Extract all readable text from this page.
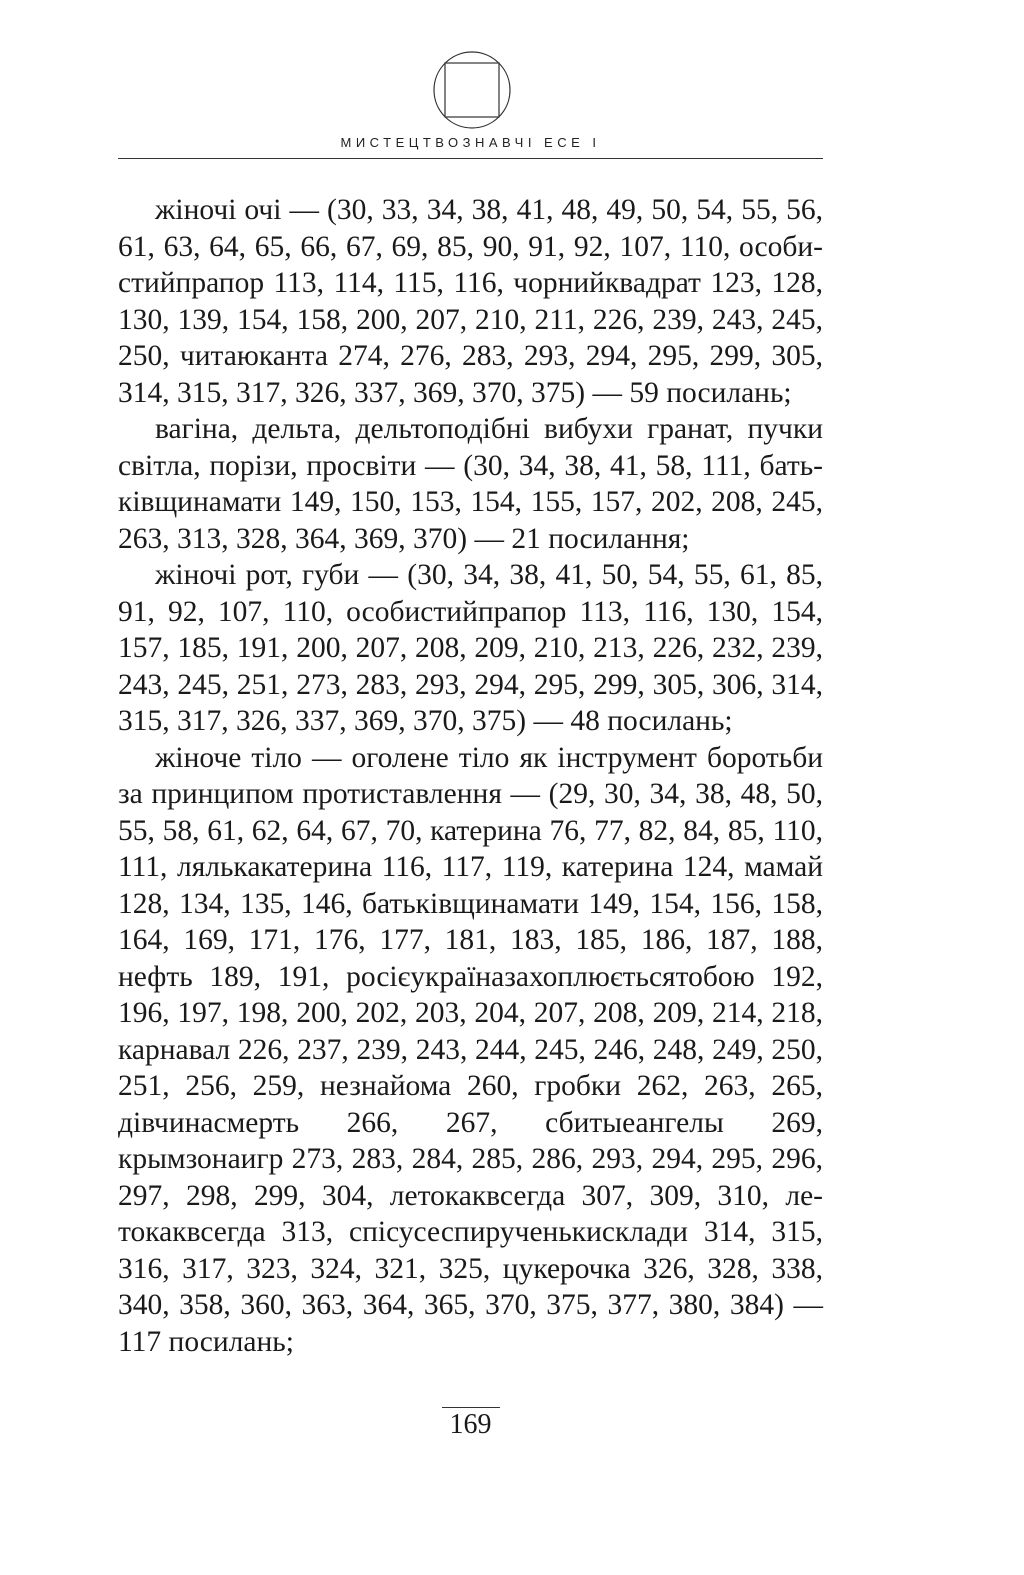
МИСТЕЦТВОЗНАВЧІ ЕСЕ І

жіночі очі — (30, 33, 34, 38, 41, 48, 49, 50, 54, 55, 56, 61, 63, 64, 65, 66, 67, 69, 85, 90, 91, 92, 107, 110, особистийпрапор 113, 114, 115, 116, чорнийквадрат 123, 128, 130, 139, 154, 158, 200, 207, 210, 211, 226, 239, 243, 245, 250, читаюканта 274, 276, 283, 293, 294, 295, 299, 305, 314, 315, 317, 326, 337, 369, 370, 375) — 59 посилань;

вагіна, дельта, дельтоподібні вибухи гранат, пучки світла, порізи, просвіти — (30, 34, 38, 41, 58, 111, батьківщинамати 149, 150, 153, 154, 155, 157, 202, 208, 245, 263, 313, 328, 364, 369, 370) — 21 посилання;

жіночі рот, губи — (30, 34, 38, 41, 50, 54, 55, 61, 85, 91, 92, 107, 110, особистийпрапор 113, 116, 130, 154, 157, 185, 191, 200, 207, 208, 209, 210, 213, 226, 232, 239, 243, 245, 251, 273, 283, 293, 294, 295, 299, 305, 306, 314, 315, 317, 326, 337, 369, 370, 375) — 48 посилань;

жіноче тіло — оголене тіло як інструмент боротьби за принципом протиставлення — (29, 30, 34, 38, 48, 50, 55, 58, 61, 62, 64, 67, 70, катерина 76, 77, 82, 84, 85, 110, 111, лялькакатерина 116, 117, 119, катерина 124, мамай 128, 134, 135, 146, батьківщинамати 149, 154, 156, 158, 164, 169, 171, 176, 177, 181, 183, 185, 186, 187, 188, нефть 189, 191, росієукраїназахоплюєтьсятобою 192, 196, 197, 198, 200, 202, 203, 204, 207, 208, 209, 214, 218, карнавал 226, 237, 239, 243, 244, 245, 246, 248, 249, 250, 251, 256, 259, незнайома 260, гробки 262, 263, 265, дівчинасмерть 266, 267, сбитыеангелы 269, крымзонаигр 273, 283, 284, 285, 286, 293, 294, 295, 296, 297, 298, 299, 304, летокаквсегда 307, 309, 310, летокаквсегда 313, спісусеспирученькисклади 314, 315, 316, 317, 323, 324, 321, 325, цукерочка 326, 328, 338, 340, 358, 360, 363, 364, 365, 370, 375, 377, 380, 384) — 117 посилань;

169
